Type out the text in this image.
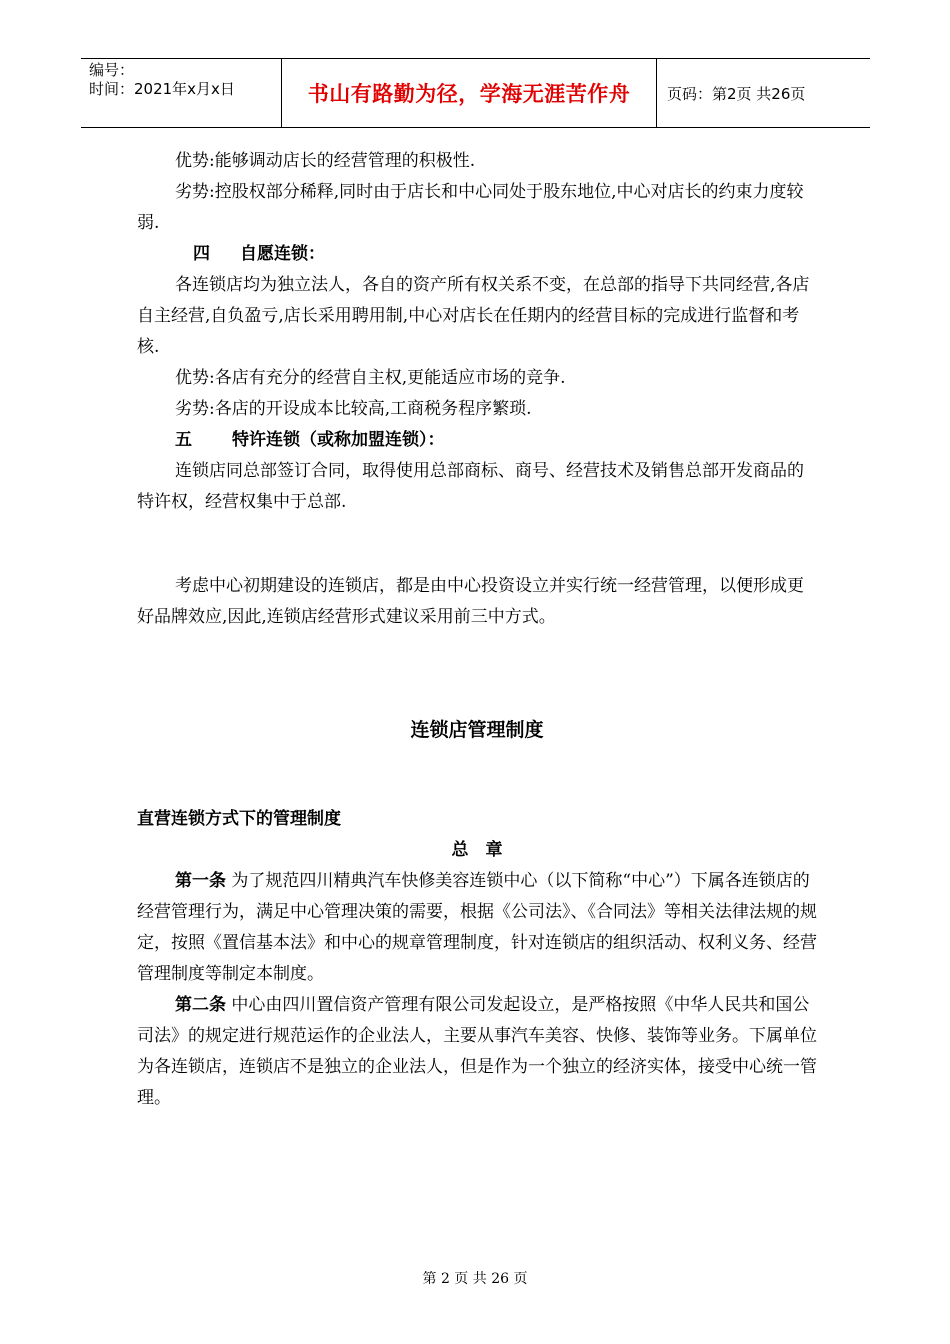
编号：
时间：2021年x月x日	书山有路勤为径，学海无涯苦作舟	页码：第2页 共26页

优势:能够调动店长的经营管理的积极性.

劣势:控股权部分稀释,同时由于店长和中心同处于股东地位,中心对店长的约束力度较弱.

四 自愿连锁：

各连锁店均为独立法人，各自的资产所有权关系不变，在总部的指导下共同经营,各店自主经营,自负盈亏,店长采用聘用制,中心对店长在任期内的经营目标的完成进行监督和考核.

优势:各店有充分的经营自主权,更能适应市场的竞争.

劣势:各店的开设成本比较高,工商税务程序繁琐.

五 特许连锁（或称加盟连锁）：

连锁店同总部签订合同，取得使用总部商标、商号、经营技术及销售总部开发商品的特许权，经营权集中于总部.

考虑中心初期建设的连锁店，都是由中心投资设立并实行统一经营管理，以便形成更好品牌效应,因此,连锁店经营形式建议采用前三中方式。

连锁店管理制度

直营连锁方式下的管理制度

总　章

第一条 为了规范四川精典汽车快修美容连锁中心（以下简称“中心”）下属各连锁店的经营管理行为，满足中心管理决策的需要，根据《公司法》、《合同法》等相关法律法规的规定，按照《置信基本法》和中心的规章管理制度，针对连锁店的组织活动、权利义务、经营管理制度等制定本制度。

第二条 中心由四川置信资产管理有限公司发起设立，是严格按照《中华人民共和国公司法》的规定进行规范运作的企业法人，主要从事汽车美容、快修、装饰等业务。下属单位为各连锁店，连锁店不是独立的企业法人，但是作为一个独立的经济实体，接受中心统一管理。

第 2 页 共 26 页
